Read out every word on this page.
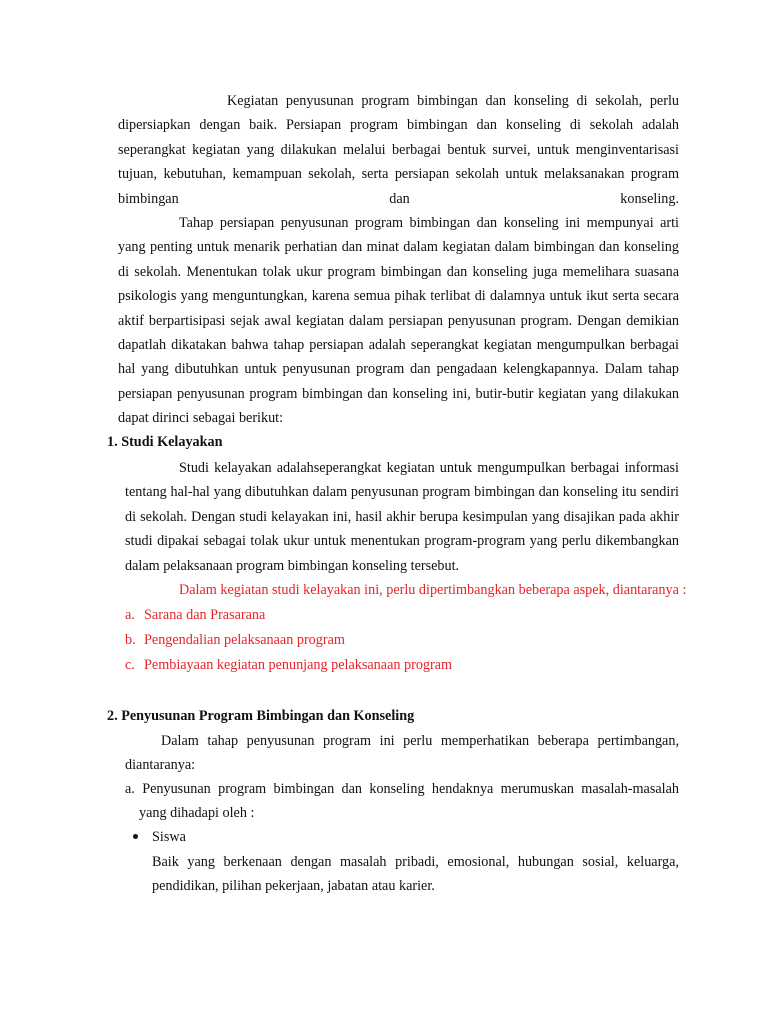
Kegiatan penyusunan program bimbingan dan konseling di sekolah, perlu dipersiapkan dengan baik. Persiapan program bimbingan dan konseling di sekolah adalah seperangkat kegiatan yang dilakukan melalui berbagai bentuk survei, untuk menginventarisasi tujuan, kebutuhan, kemampuan sekolah, serta persiapan sekolah untuk melaksanakan program bimbingan dan konseling.

Tahap persiapan penyusunan program bimbingan dan konseling ini mempunyai arti yang penting untuk menarik perhatian dan minat dalam kegiatan dalam bimbingan dan konseling di sekolah. Menentukan tolak ukur program bimbingan dan konseling juga memelihara suasana psikologis yang menguntungkan, karena semua pihak terlibat di dalamnya untuk ikut serta secara aktif berpartisipasi sejak awal kegiatan dalam persiapan penyusunan program. Dengan demikian dapatlah dikatakan bahwa tahap persiapan adalah seperangkat kegiatan mengumpulkan berbagai hal yang dibutuhkan untuk penyusunan program dan pengadaan kelengkapannya. Dalam tahap persiapan penyusunan program bimbingan dan konseling ini, butir-butir kegiatan yang dilakukan dapat dirinci sebagai berikut:

1. Studi Kelayakan

Studi kelayakan adalahseperangkat kegiatan untuk mengumpulkan berbagai informasi tentang hal-hal yang dibutuhkan dalam penyusunan program bimbingan dan konseling itu sendiri di sekolah. Dengan studi kelayakan ini, hasil akhir berupa kesimpulan yang disajikan pada akhir studi dipakai sebagai tolak ukur untuk menentukan program-program yang perlu dikembangkan dalam pelaksanaan program bimbingan konseling tersebut.

Dalam kegiatan studi kelayakan ini, perlu dipertimbangkan beberapa aspek, diantaranya :

a. Sarana dan Prasarana

b. Pengendalian pelaksanaan program

c. Pembiayaan kegiatan penunjang pelaksanaan program

2. Penyusunan Program Bimbingan dan Konseling

Dalam tahap penyusunan program ini perlu memperhatikan beberapa pertimbangan, diantaranya:

a. Penyusunan program bimbingan dan konseling hendaknya merumuskan masalah-masalah yang dihadapi oleh :

Siswa

Baik yang berkenaan dengan masalah pribadi, emosional, hubungan sosial, keluarga, pendidikan, pilihan pekerjaan, jabatan atau karier.
